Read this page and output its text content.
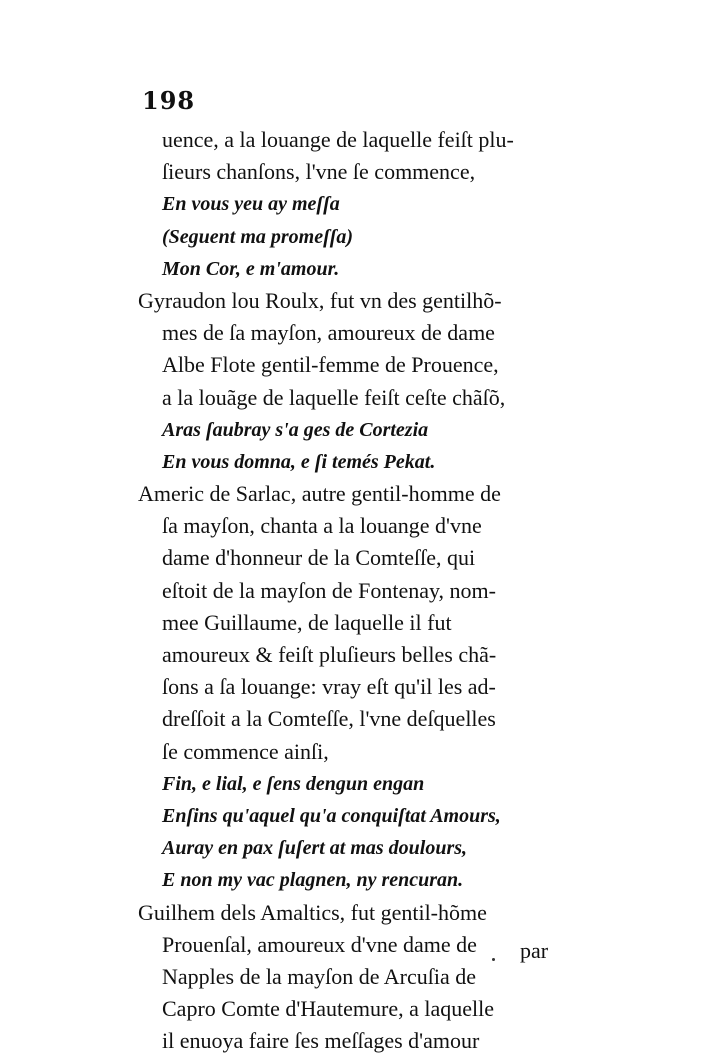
198
uence, a la louange de laquelle feiſt plu-
ſieurs chanſons, l'vne ſe commence,
En vous yeu ay meſſa
(Seguent ma promeſſa)
Mon Cor, e m'amour.
Gyraudon lou Roulx, fut vn des gentilhõ-
mes de ſa mayſon, amoureux de dame
Albe Flote gentil-femme de Prouence,
a la louãge de laquelle feiſt ceſte chãſõ,
Aras ſaubray s'a ges de Cortezia
En vous domna, e ſi temés Pekat.
Americ de Sarlac, autre gentil-homme de
ſa mayſon, chanta a la louange d'vne
dame d'honneur de la Comteſſe, qui
eſtoit de la mayſon de Fontenay, nom-
mee Guillaume, de laquelle il fut
amoureux & feiſt pluſieurs belles chã-
ſons a ſa louange: vray eſt qu'il les ad-
dreſſoit a la Comteſſe, l'vne deſquelles
ſe commence ainſi,
Fin, e lial, e ſens dengun engan
Enſins qu'aquel qu'a conquiſtat Amours,
Auray en pax ſuſert at mas doulours,
E non my vac plagnen, ny rencuran.
Guilhem dels Amaltics, fut gentil-hõme
Prouenſal, amoureux d'vne dame de
Napples de la mayſon de Arcuſia de
Capro Comte d'Hautemure, a laquelle
il enuoya faire ſes meſſages d'amour
par
